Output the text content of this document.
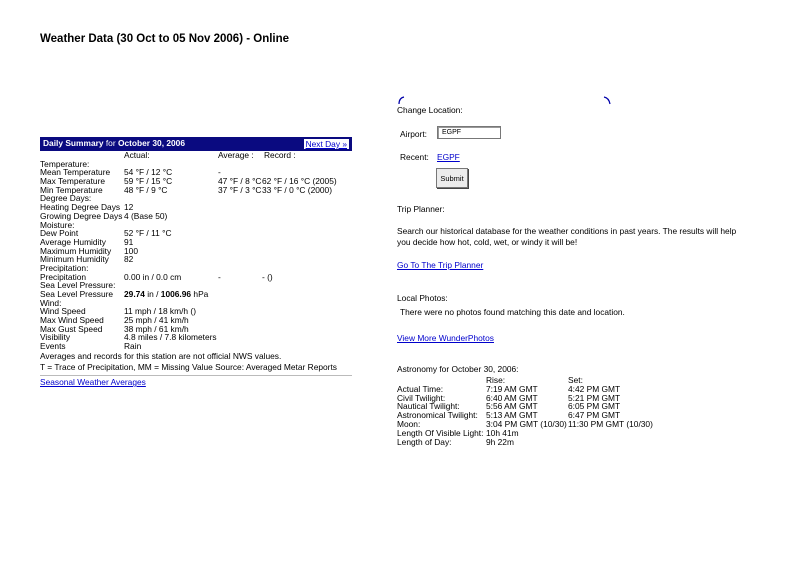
Weather Data (30 Oct to 05 Nov 2006) - Online
Daily Summary for October 30, 2006	Next Day »
Actual:	Average : Record :
Temperature:
Mean Temperature 54 °F / 12 °C	-
Max Temperature 59 °F / 15 °C	47 °F / 8 °C 62 °F / 16 °C (2005)
Min Temperature	48 °F / 9 °C	37 °F / 3 °C 33 °F / 0 °C (2000)
Degree Days:
Heating Degree Days 12
Growing Degree Days 4 (Base 50)
Moisture:
Dew Point	52 °F / 11 °C
Average Humidity 91
Maximum Humidity 100
Minimum Humidity 82
Precipitation:
Precipitation	0.00 in / 0.0 cm	-	- ()
Sea Level Pressure:
Sea Level Pressure 29.74 in / 1006.96 hPa
Wind:
Wind Speed	11 mph / 18 km/h ()
Max Wind Speed 25 mph / 41 km/h
Max Gust Speed	38 mph / 61 km/h
Visibility	4.8 miles / 7.8 kilometers
Events	Rain
Averages and records for this station are not official NWS values.
T = Trace of Precipitation, MM = Missing Value Source: Averaged Metar Reports
Seasonal Weather Averages
Change Location:
Airport:
EGPF
Recent: EGPF
Submit
Trip Planner:
Search our historical database for the weather conditions in past years. The results will help you decide how hot, cold, wet, or windy it will be!
Go To The Trip Planner
Local Photos:
There were no photos found matching this date and location.
View More WunderPhotos
Astronomy for October 30, 2006:
Rise:	Set:
Actual Time:	7:19 AM GMT	4:42 PM GMT
Civil Twilight:	6:40 AM GMT	5:21 PM GMT
Nautical Twilight:	5:56 AM GMT	6:05 PM GMT
Astronomical Twilight: 5:13 AM GMT	6:47 PM GMT
Moon:	3:04 PM GMT (10/30) 11:30 PM GMT (10/30)
Length Of Visible Light: 10h 41m
Length of Day:	9h 22m
